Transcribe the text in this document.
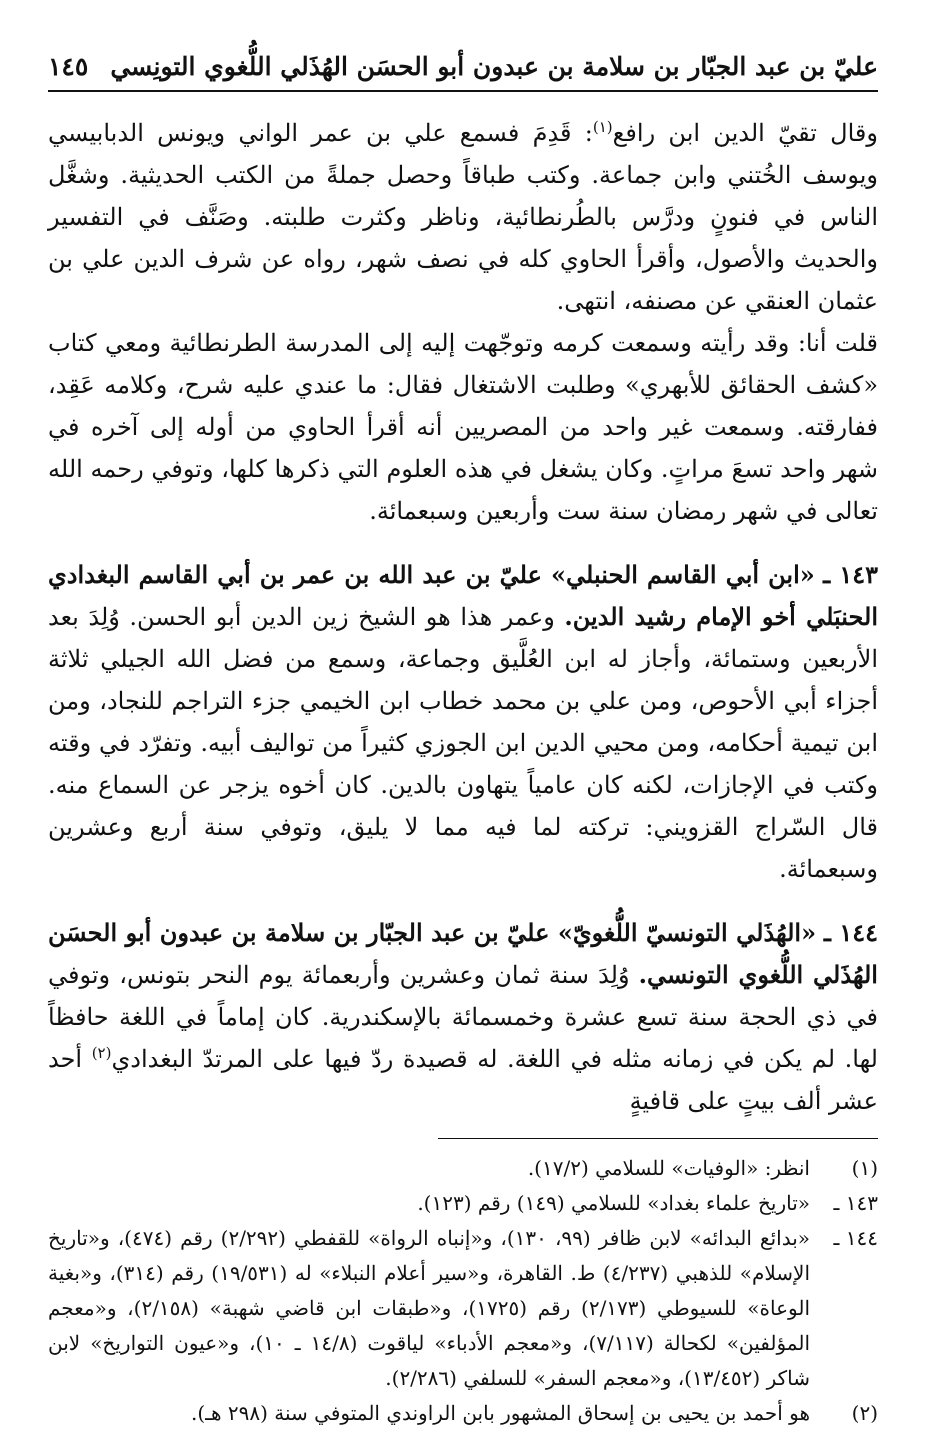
عليّ بن عبد الجبّار بن سلامة بن عبدون أبو الحسَن الهُذَلي اللُّغوي التونِسي
١٤٥

وقال تقيّ الدين ابن رافع$^{(١)}$: قَدِمَ فسمع علي بن عمر الواني ويونس الدبابيسي ويوسف الخُتني وابن جماعة. وكتب طباقاً وحصل جملةً من الكتب الحديثية. وشغَّل الناس في فنونٍ ودرَّس بالطُرنطائية، وناظر وكثرت طلبته. وصَنَّف في التفسير والحديث والأصول، وأقرأ الحاوي كله في نصف شهر، رواه عن شرف الدين علي بن عثمان العنقي عن مصنفه، انتهى.

قلت أنا: وقد رأيته وسمعت كرمه وتوجّهت إليه إلى المدرسة الطرنطائية ومعي كتاب «كشف الحقائق للأبهري» وطلبت الاشتغال فقال: ما عندي عليه شرح، وكلامه عَقِد، ففارقته. وسمعت غير واحد من المصريين أنه أقرأ الحاوي من أوله إلى آخره في شهر واحد تسعَ مراتٍ. وكان يشغل في هذه العلوم التي ذكرها كلها، وتوفي رحمه الله تعالى في شهر رمضان سنة ست وأربعين وسبعمائة.

١٤٣ ـ «ابن أبي القاسم الحنبلي» عليّ بن عبد الله بن عمر بن أبي القاسم البغدادي الحنبَلي أخو الإمام رشيد الدين. وعمر هذا هو الشيخ زين الدين أبو الحسن. وُلِدَ بعد الأربعين وستمائة، وأجاز له ابن العُلَّيق وجماعة، وسمع من فضل الله الجيلي ثلاثة أجزاء أبي الأحوص، ومن علي بن محمد خطاب ابن الخيمي جزء التراجم للنجاد، ومن ابن تيمية أحكامه، ومن محيي الدين ابن الجوزي كثيراً من تواليف أبيه. وتفرّد في وقته وكتب في الإجازات، لكنه كان عامياً يتهاون بالدين. كان أخوه يزجر عن السماع منه. قال السّراج القزويني: تركته لما فيه مما لا يليق، وتوفي سنة أربع وعشرين وسبعمائة.

١٤٤ ـ «الهُذَلي التونسيّ اللُّغويّ» عليّ بن عبد الجبّار بن سلامة بن عبدون أبو الحسَن الهُذَلي اللُّغوي التونسي. وُلِدَ سنة ثمان وعشرين وأربعمائة يوم النحر بتونس، وتوفي في ذي الحجة سنة تسع عشرة وخمسمائة بالإسكندرية. كان إماماً في اللغة حافظاً لها. لم يكن في زمانه مثله في اللغة. له قصيدة ردّ فيها على المرتدّ البغدادي$^{(٢)}$ أحد عشر ألف بيتٍ على قافيةٍ

(١)
انظر: «الوفيات» للسلامي (١٧/٢).
١٤٣ ـ
«تاريخ علماء بغداد» للسلامي (١٤٩) رقم (١٢٣).
١٤٤ ـ
«بدائع البدائه» لابن ظافر (٩٩، ١٣٠)، و«إنباه الرواة» للقفطي (٢/٢٩٢) رقم (٤٧٤)، و«تاريخ الإسلام» للذهبي (٤/٢٣٧) ط. القاهرة، و«سير أعلام النبلاء» له (١٩/٥٣١) رقم (٣١٤)، و«بغية الوعاة» للسيوطي (٢/١٧٣) رقم (١٧٢٥)، و«طبقات ابن قاضي شهبة» (٢/١٥٨)، و«معجم المؤلفين» لكحالة (٧/١١٧)، و«معجم الأدباء» لياقوت (١٤/٨ ـ ١٠)، و«عيون التواريخ» لابن شاكر (١٣/٤٥٢)، و«معجم السفر» للسلفي (٢/٢٨٦).
(٢)
هو أحمد بن يحيى بن إسحاق المشهور بابن الراوندي المتوفي سنة (٢٩٨ هـ).
